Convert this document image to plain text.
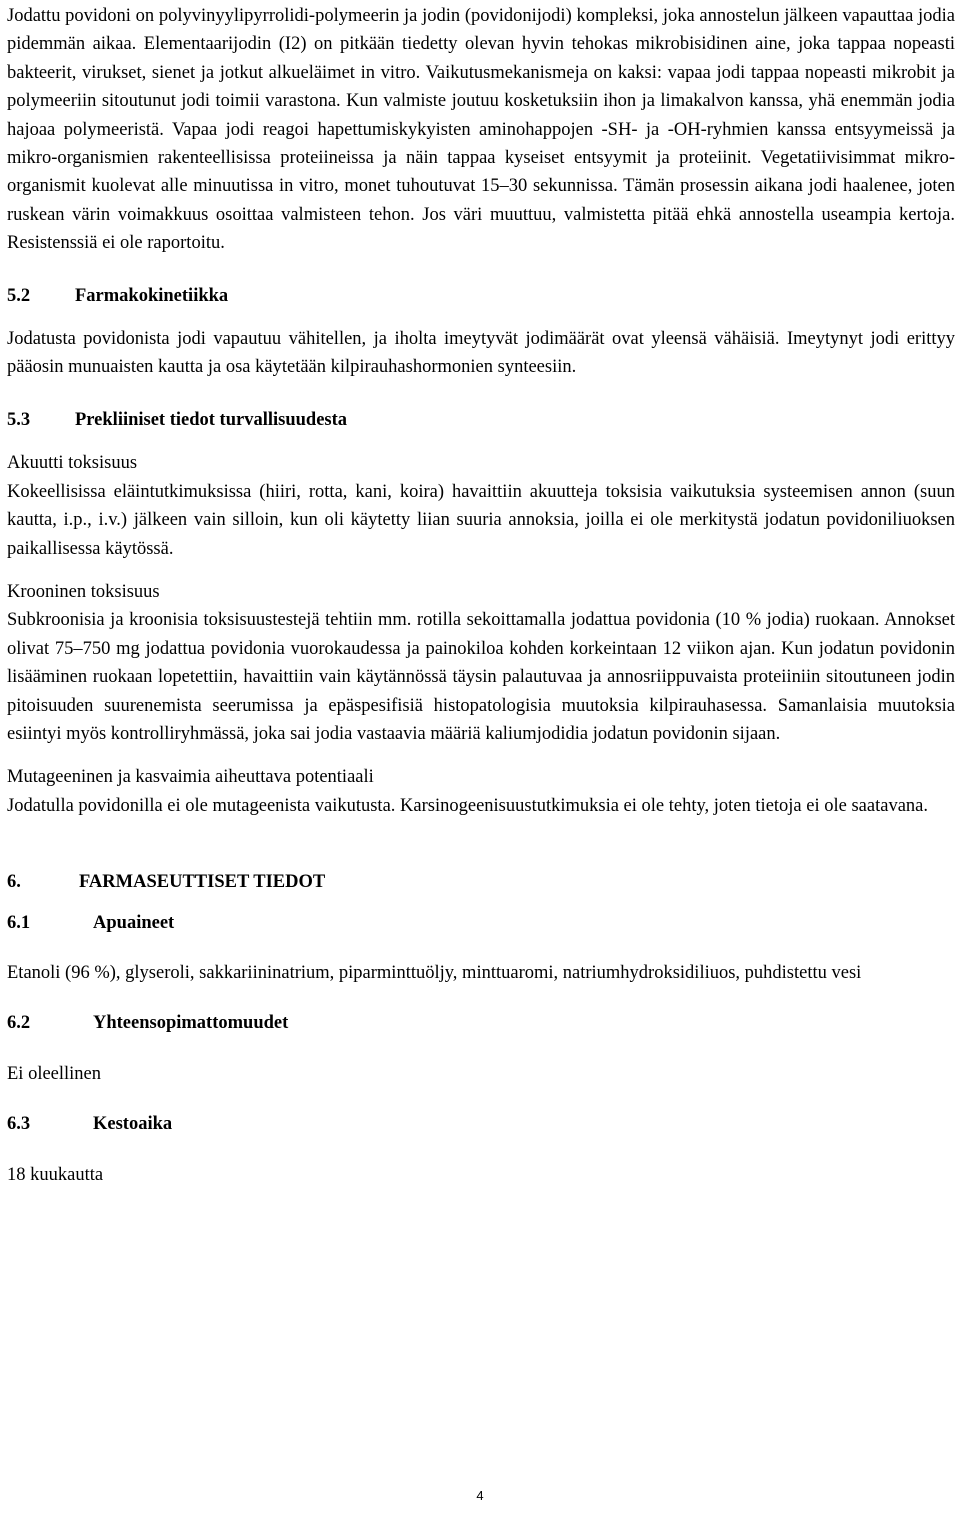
Jodattu povidoni on polyvinyylipyrrolidi-polymeerin ja jodin (povidonijodi) kompleksi, joka annostelun jälkeen vapauttaa jodia pidemmän aikaa. Elementaarijodin (I2) on pitkään tiedetty olevan hyvin tehokas mikrobisidinen aine, joka tappaa nopeasti bakteerit, virukset, sienet ja jotkut alkueläimet in vitro. Vaikutusmekanismeja on kaksi: vapaa jodi tappaa nopeasti mikrobit ja polymeeriin sitoutunut jodi toimii varastona. Kun valmiste joutuu kosketuksiin ihon ja limakalvon kanssa, yhä enemmän jodia hajoaa polymeeristä. Vapaa jodi reagoi hapettumiskykyisten aminohappojen -SH- ja -OH-ryhmien kanssa entsyymeissä ja mikro-organismien rakenteellisissa proteiineissa ja näin tappaa kyseiset entsyymit ja proteiinit. Vegetatiivisimmat mikro-organismit kuolevat alle minuutissa in vitro, monet tuhoutuvat 15–30 sekunnissa. Tämän prosessin aikana jodi haalenee, joten ruskean värin voimakkuus osoittaa valmisteen tehon. Jos väri muuttuu, valmistetta pitää ehkä annostella useampia kertoja. Resistenssiä ei ole raportoitu.

5.2	Farmakokinetiikka

Jodatusta povidonista jodi vapautuu vähitellen, ja iholta imeytyvät jodimäärät ovat yleensä vähäisiä. Imeytynyt jodi erittyy pääosin munuaisten kautta ja osa käytetään kilpirauhashormonien synteesiin.

5.3	Prekliiniset tiedot turvallisuudesta

Akuutti toksisuus

Kokeellisissa eläintutkimuksissa (hiiri, rotta, kani, koira) havaittiin akuutteja toksisia vaikutuksia systeemisen annon (suun kautta, i.p., i.v.) jälkeen vain silloin, kun oli käytetty liian suuria annoksia, joilla ei ole merkitystä jodatun povidoniliuoksen paikallisessa käytössä.

Krooninen toksisuus

Subkroonisia ja kroonisia toksisuustestejä tehtiin mm. rotilla sekoittamalla jodattua povidonia (10 % jodia) ruokaan. Annokset olivat 75–750 mg jodattua povidonia vuorokaudessa ja painokiloa kohden korkeintaan 12 viikon ajan. Kun jodatun povidonin lisääminen ruokaan lopetettiin, havaittiin vain käytännössä täysin palautuvaa ja annosriippuvaista proteiiniin sitoutuneen jodin pitoisuuden suurenemista seerumissa ja epäspesifisiä histopatologisia muutoksia kilpirauhasessa. Samanlaisia muutoksia esiintyi myös kontrolliryhmässä, joka sai jodia vastaavia määriä kaliumjodidia jodatun povidonin sijaan.

Mutageeninen ja kasvaimia aiheuttava potentiaali

Jodatulla povidonilla ei ole mutageenista vaikutusta. Karsinogeenisuustutkimuksia ei ole tehty, joten tietoja ei ole saatavana.

6.	FARMASEUTTISET TIEDOT
6.1	Apuaineet

Etanoli (96 %), glyseroli, sakkariininatrium, piparminttuöljy, minttuaromi, natriumhydroksidiliuos, puhdistettu vesi

6.2	Yhteensopimattomuudet

Ei oleellinen

6.3	Kestoaika

18 kuukautta

4
